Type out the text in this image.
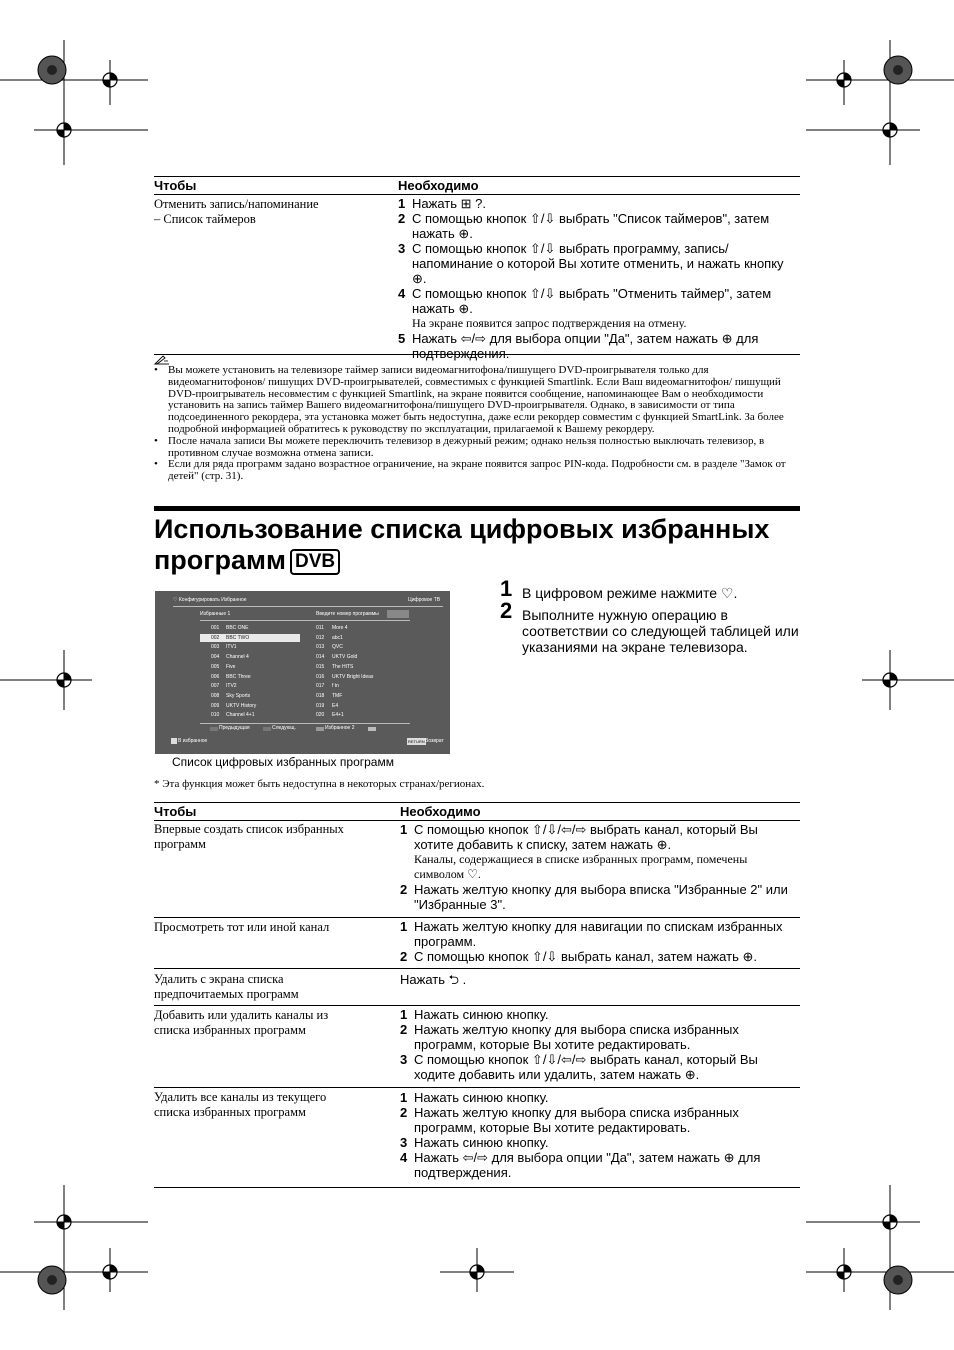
Чтобы	Необходимо
Отменить запись/напоминание
– Список таймеров
1 Нажать ⊞ ?.
2 С помощью кнопок ⇧/⇩ выбрать "Список таймеров", затем нажать ⊕.
3 С помощью кнопок ⇧/⇩ выбрать программу, запись/ напоминание о которой Вы хотите отменить, и нажать кнопку ⊕.
4 С помощью кнопок ⇧/⇩ выбрать "Отменить таймер", затем нажать ⊕.
На экране появится запрос подтверждения на отмену.
5 Нажать ⇦/⇨ для выбора опции "Да", затем нажать ⊕ для подтверждения.
• Вы можете установить на телевизоре таймер записи видеомагнитофона/пишущего DVD-проигрывателя только для видеомагнитофонов/ пишущих DVD-проигрывателей, совместимых с функцией Smartlink. Если Ваш видеомагнитофон/ пишущий DVD-проигрыватель несовместим с функцией Smartlink, на экране появится сообщение, напоминающее Вам о необходимости установить на запись таймер Вашего видеомагнитофона/пишущего DVD-проигрывателя. Однако, в зависимости от типа подсоединенного рекордера, эта установка может быть недоступна, даже если рекордер совместим с функцией SmartLink. За более подробной информацией обратитесь к руководству по эксплуатации, прилагаемой к Вашему рекордеру.
• После начала записи Вы можете переключить телевизор в дежурный режим; однако нельзя полностью выключать телевизор, в противном случае возможна отмена записи.
• Если для ряда программ задано возрастное ограничение, на экране появится запрос PIN-кода. Подробности см. в разделе "Замок от детей" (стр. 31).
Использование списка цифровых избранных программ DVB
♡ Конфигурировать Избранное	Цифровое ТВ
Избранные 1	Введите номер программы
Предыдущая	Следующ.	Избранное 2
В избранное	RETURN Возврат
001 BBC ONE
002 BBC TWO
003 ITV1
004 Channel 4
005 Five
006 BBC Three
007 ITV2
008 Sky Sports
009 UKTV History
010 Channel 4+1
011 More 4
012 abc1
013 QVC
014 UKTV Gold
015 The HITS
016 UKTV Bright Ideas
017 f tn
018 TMF
019 E4
020 E4+1
Список цифровых избранных программ
1 В цифровом режиме нажмите ♡.
2 Выполните нужную операцию в соответствии со следующей таблицей или указаниями на экране телевизора.
* Эта функция может быть недоступна в некоторых странах/регионах.
Чтобы	Необходимо
Впервые создать список избранных программ
1 С помощью кнопок ⇧/⇩/⇦/⇨ выбрать канал, который Вы хотите добавить к списку, затем нажать ⊕.
Каналы, содержащиеся в списке избранных программ, помечены символом ♡.
2 Нажать желтую кнопку для выбора вписка "Избранные 2" или "Избранные 3".
Просмотреть тот или иной канал	1 Нажать желтую кнопку для навигации по спискам избранных программ.
2 С помощью кнопок ⇧/⇩ выбрать канал, затем нажать ⊕.
Удалить с экрана списка предпочитаемых программ
Нажать ⮌ .
Добавить или удалить каналы из списка избранных программ
1 Нажать синюю кнопку.
2 Нажать желтую кнопку для выбора списка избранных программ, которые Вы хотите редактировать.
3 С помощью кнопок ⇧/⇩/⇦/⇨ выбрать канал, который Вы ходите добавить или удалить, затем нажать ⊕.
Удалить все каналы из текущего списка избранных программ
1 Нажать синюю кнопку.
2 Нажать желтую кнопку для выбора списка избранных программ, которые Вы хотите редактировать.
3 Нажать синюю кнопку.
4 Нажать ⇦/⇨ для выбора опции "Да", затем нажать ⊕ для подтверждения.
